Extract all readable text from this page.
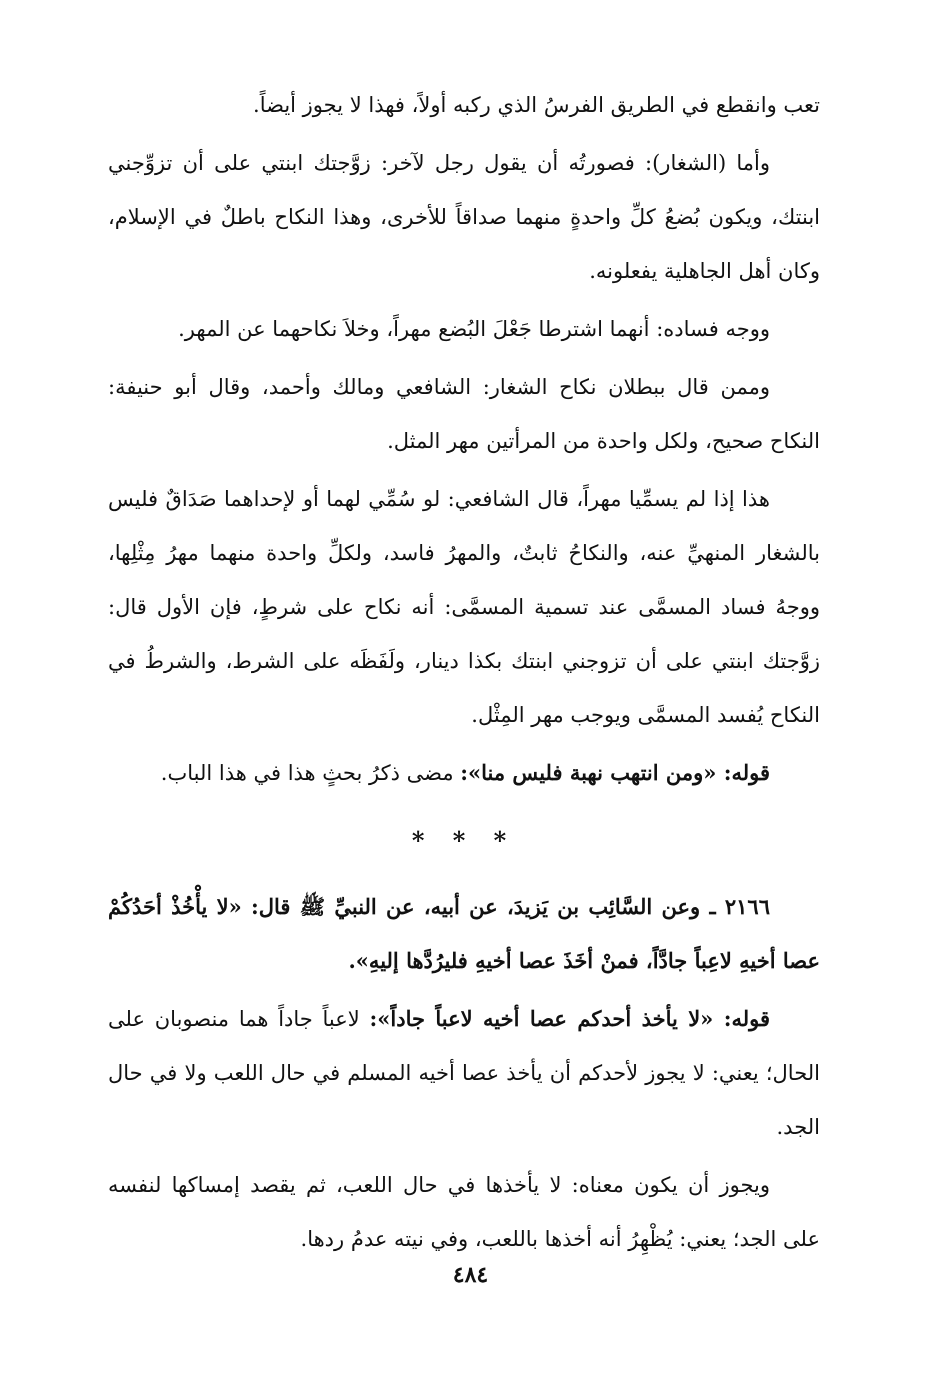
تعب وانقطع في الطريق الفرسُ الذي ركبه أولاً، فهذا لا يجوز أيضاً.

وأما (الشغار): فصورتُه أن يقول رجل لآخر: زوَّجتك ابنتي على أن تزوِّجني ابنتك، ويكون بُضعُ كلِّ واحدةٍ منهما صداقاً للأخرى، وهذا النكاح باطلٌ في الإسلام، وكان أهل الجاهلية يفعلونه.

ووجه فساده: أنهما اشترطا جَعْلَ البُضع مهراً، وخلاَ نكاحهما عن المهر.

وممن قال ببطلان نكاح الشغار: الشافعي ومالك وأحمد، وقال أبو حنيفة: النكاح صحيح، ولكل واحدة من المرأتين مهر المثل.

هذا إذا لم يسمِّيا مهراً، قال الشافعي: لو سُمِّي لهما أو لإحداهما صَدَاقٌ فليس بالشغار المنهيِّ عنه، والنكاحُ ثابتٌ، والمهرُ فاسد، ولكلِّ واحدة منهما مهرُ مِثْلِها، ووجهُ فساد المسمَّى عند تسمية المسمَّى: أنه نكاح على شرطٍ، فإن الأول قال: زوَّجتك ابنتي على أن تزوجني ابنتك بكذا دينار، ولَفَظَه على الشرط، والشرطُ في النكاح يُفسد المسمَّى ويوجب مهر المِثْل.

قوله: «ومن انتهب نهبة فليس منا»: مضى ذكرُ بحثٍ هذا في هذا الباب.

* * *

٢١٦٦ ـ وعن السَّائِب بن يَزيدَ، عن أبيه، عن النبيِّ ﷺ قال: «لا يأْخُذْ أحَدُكُمْ عصا أخيهِ لاعِباً جادَّاً، فمنْ أخَذَ عصا أخيهِ فليرُدَّها إليهِ».

قوله: «لا يأخذ أحدكم عصا أخيه لاعباً جاداً»: لاعباً جاداً هما منصوبان على الحال؛ يعني: لا يجوز لأحدكم أن يأخذ عصا أخيه المسلم في حال اللعب ولا في حال الجد.

ويجوز أن يكون معناه: لا يأخذها في حال اللعب، ثم يقصد إمساكها لنفسه على الجد؛ يعني: يُظْهِرُ أنه أخذها باللعب، وفي نيته عدمُ ردها.

٤٨٤
